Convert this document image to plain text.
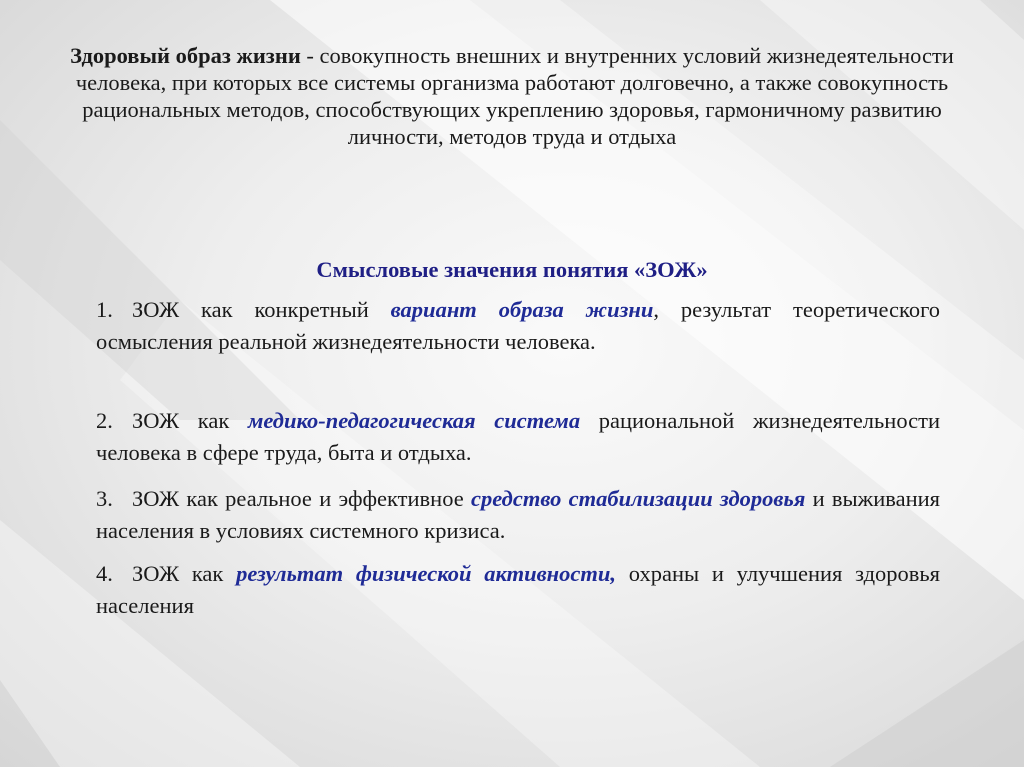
Здоровый образ жизни - совокупность внешних и внутренних условий жизнедеятельности человека, при которых все системы организма работают долговечно, а также совокупность рациональных методов, способствующих укреплению здоровья, гармоничному развитию личности, методов труда и отдыха

Смысловые значения понятия «ЗОЖ»

1. ЗОЖ как конкретный вариант образа жизни, результат теоретического осмысления реальной жизнедеятельности человека.

2. ЗОЖ как медико-педагогическая система рациональной жизнедеятельности человека в сфере труда, быта и отдыха.

3. ЗОЖ как реальное и эффективное средство стабилизации здоровья и выживания населения в условиях системного кризиса.

4. ЗОЖ как результат физической активности, охраны и улучшения здоровья населения
